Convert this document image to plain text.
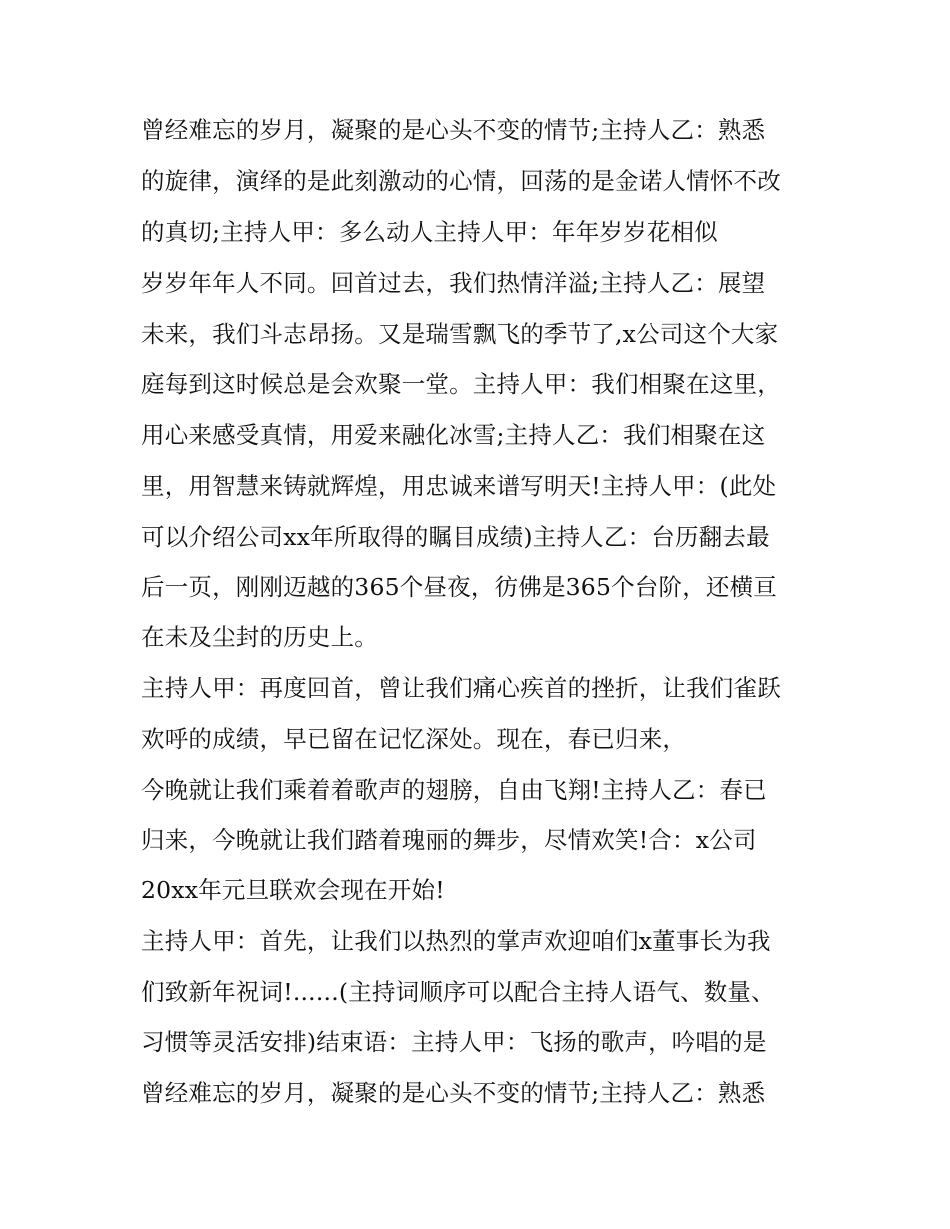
曾经难忘的岁月，凝聚的是心头不变的情节;主持人乙：熟悉
的旋律，演绎的是此刻激动的心情，回荡的是金诺人情怀不改
的真切;主持人甲：多么动人主持人甲：年年岁岁花相似
岁岁年年人不同。回首过去，我们热情洋溢;主持人乙：展望
未来，我们斗志昂扬。又是瑞雪飘飞的季节了,x公司这个大家
庭每到这时候总是会欢聚一堂。主持人甲：我们相聚在这里，
用心来感受真情，用爱来融化冰雪;主持人乙：我们相聚在这
里，用智慧来铸就辉煌，用忠诚来谱写明天!主持人甲：(此处
可以介绍公司xx年所取得的瞩目成绩)主持人乙：台历翻去最
后一页，刚刚迈越的365个昼夜，彷佛是365个台阶，还横亘
在未及尘封的历史上。
主持人甲：再度回首，曾让我们痛心疾首的挫折，让我们雀跃
欢呼的成绩，早已留在记忆深处。现在，春已归来，
今晚就让我们乘着着歌声的翅膀，自由飞翔!主持人乙：春已
归来，今晚就让我们踏着瑰丽的舞步，尽情欢笑!合：x公司
20xx年元旦联欢会现在开始!
主持人甲：首先，让我们以热烈的掌声欢迎咱们x董事长为我
们致新年祝词!......(主持词顺序可以配合主持人语气、数量、
习惯等灵活安排)结束语：主持人甲：飞扬的歌声，吟唱的是
曾经难忘的岁月，凝聚的是心头不变的情节;主持人乙：熟悉
